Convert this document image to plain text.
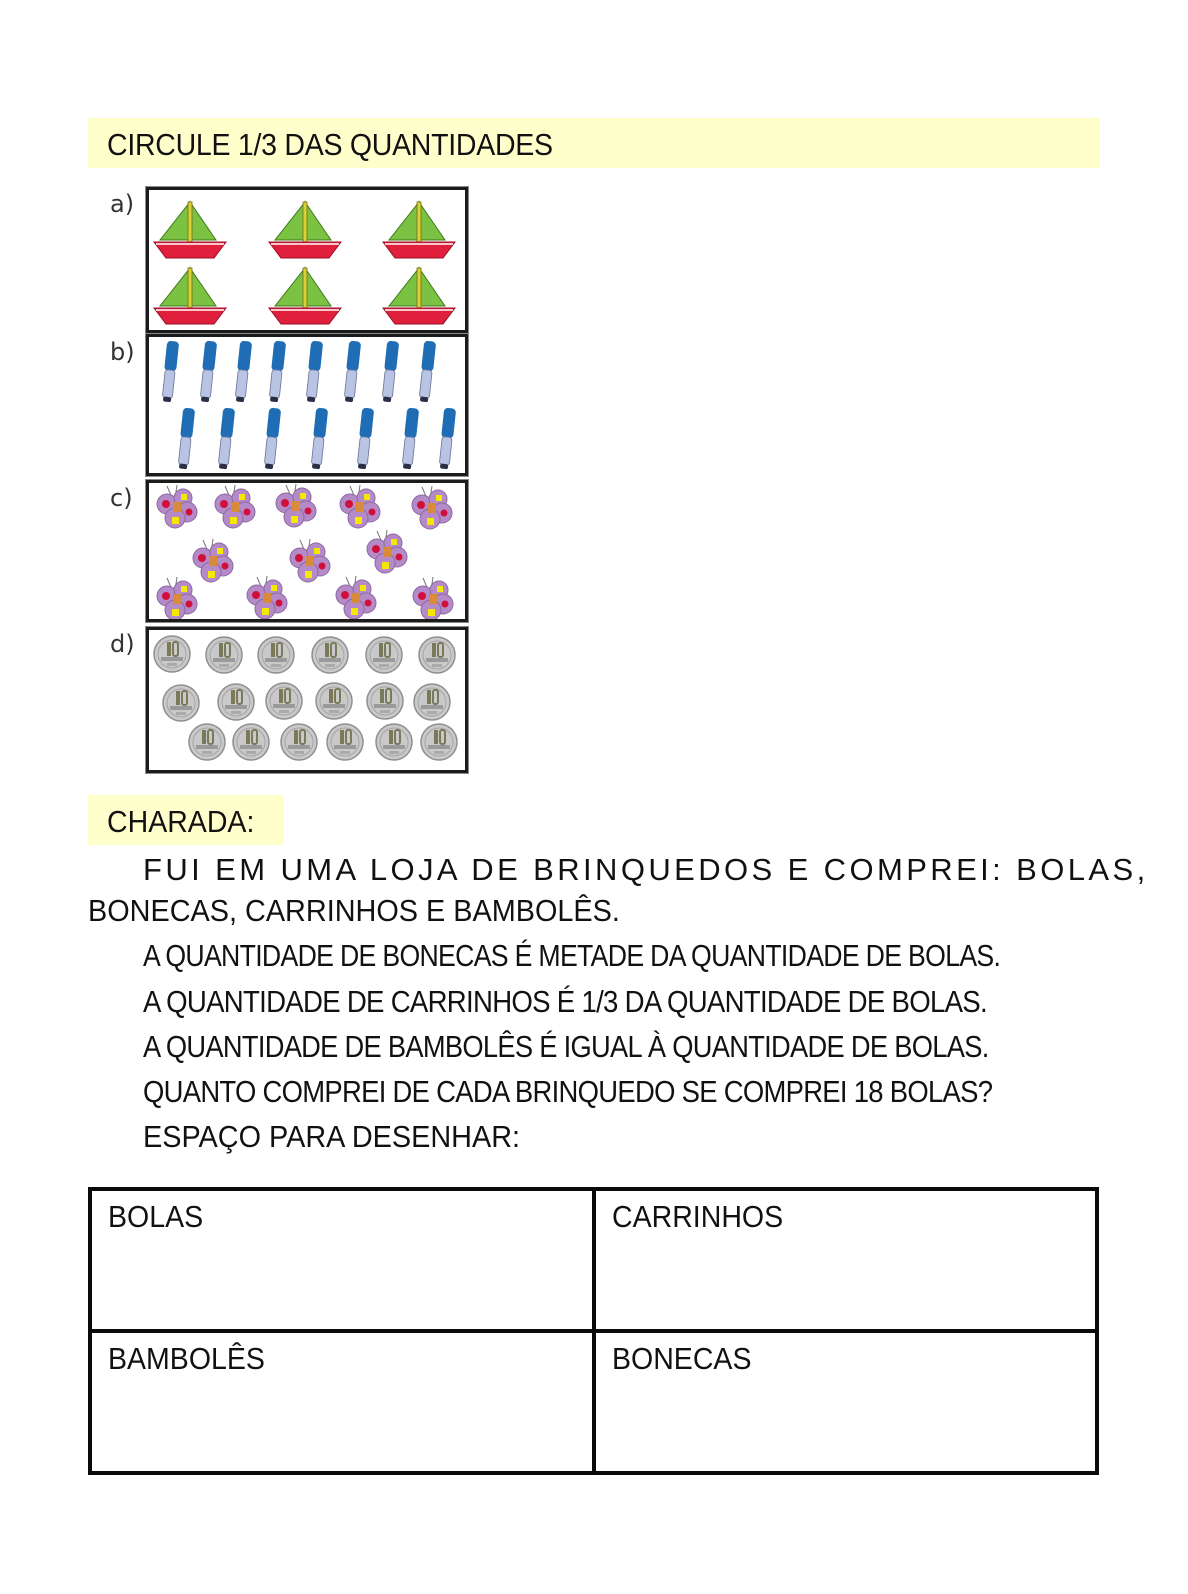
CIRCULE 1/3 DAS QUANTIDADES
a)
b)
c)
d)
CHARADA:
FUI EM UMA LOJA DE BRINQUEDOS E COMPREI: BOLAS,
BONECAS, CARRINHOS E BAMBOLÊS.
A QUANTIDADE DE BONECAS É METADE DA QUANTIDADE DE BOLAS.
A QUANTIDADE DE CARRINHOS É 1/3 DA QUANTIDADE DE BOLAS.
A QUANTIDADE DE BAMBOLÊS É IGUAL À QUANTIDADE DE BOLAS.
QUANTO COMPREI DE CADA BRINQUEDO SE COMPREI 18 BOLAS?
ESPAÇO PARA DESENHAR:
BOLAS	CARRINHOS
BAMBOLÊS	BONECAS
